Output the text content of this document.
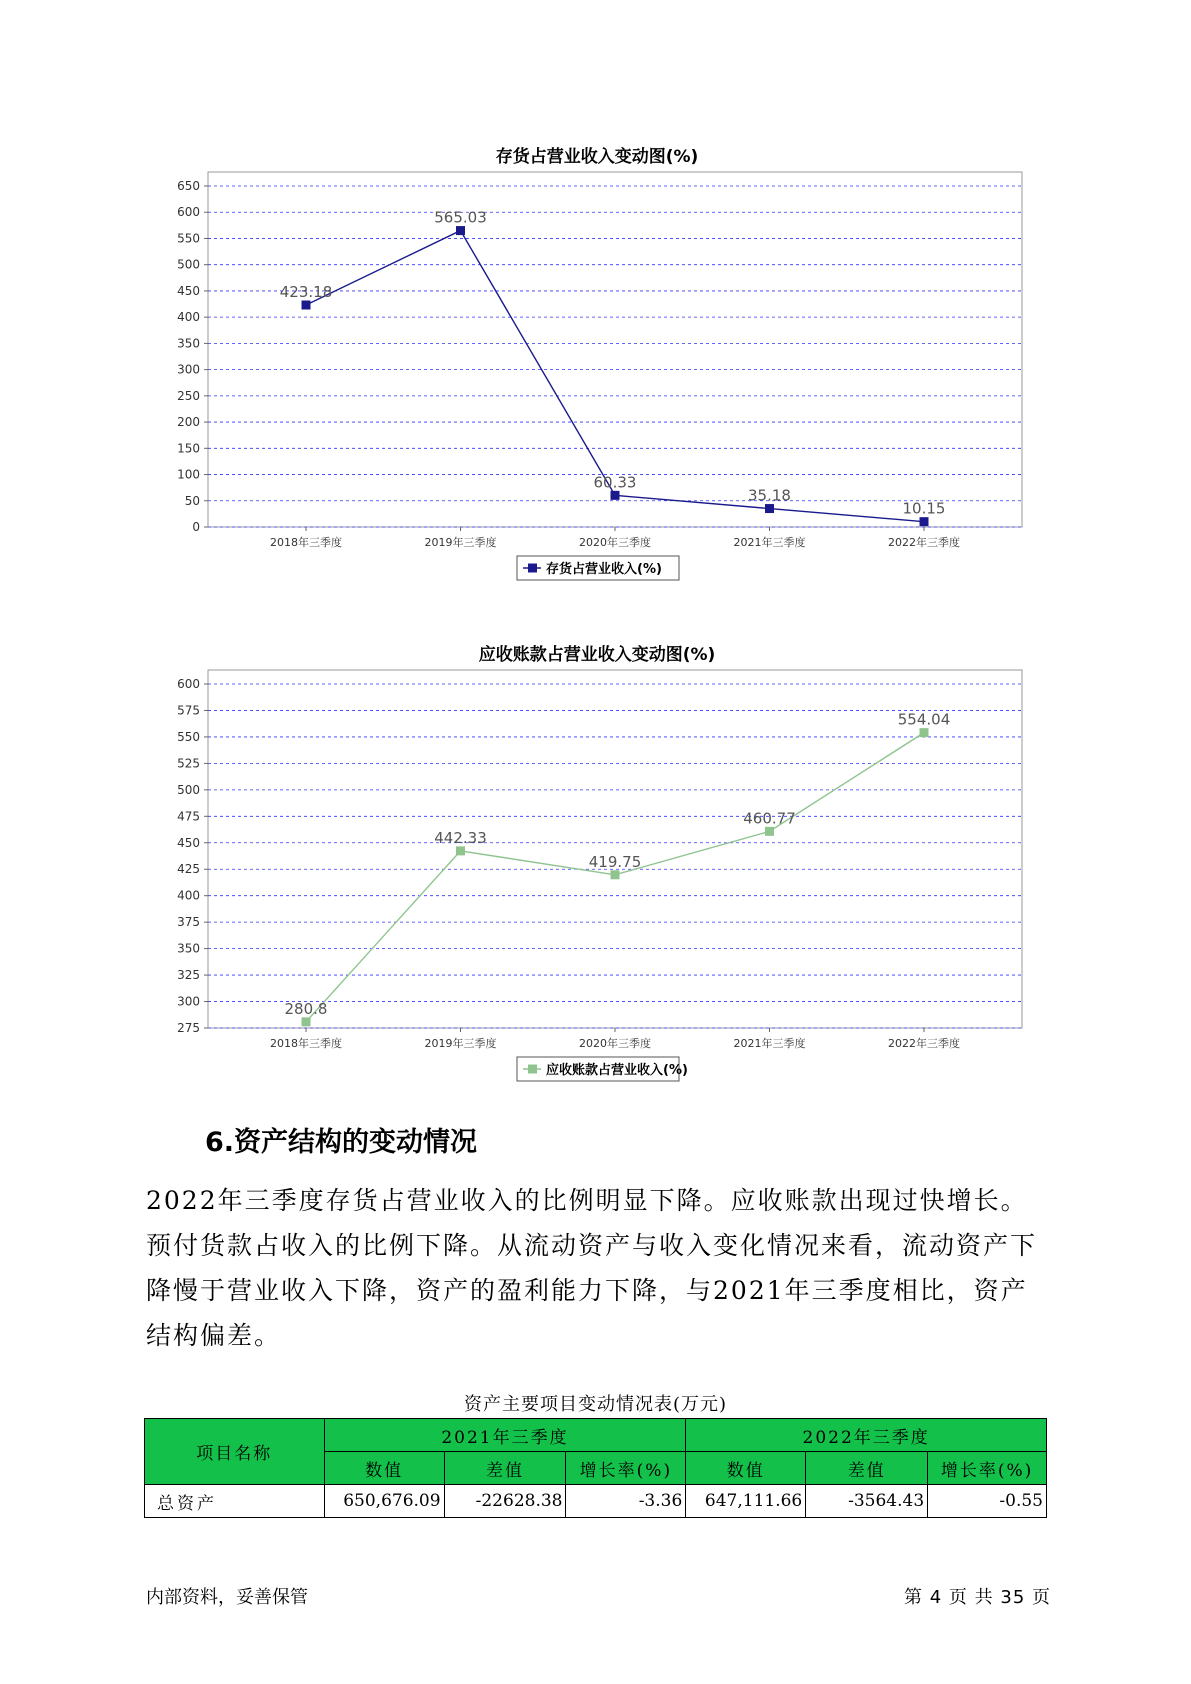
存货占营业收入变动图(%)
0
50
100
150
200
250
300
350
400
450
500
550
600
650
2018年三季度	2019年三季度	2020年三季度	2021年三季度	2022年三季度
423.18
565.03
60.33
35.18
10.15
存货占营业收入(%)
应收账款占营业收入变动图(%)
275
300
325
350
375
400
425
450
475
500
525
550
575
600
2018年三季度	2019年三季度	2020年三季度	2021年三季度	2022年三季度
280.8
442.33
419.75
460.77
554.04
应收账款占营业收入(%)
6.资产结构的变动情况

2022年三季度存货占营业收入的比例明显下降。应收账款出现过快增长。预付货款占收入的比例下降。从流动资产与收入变化情况来看，流动资产下降慢于营业收入下降，资产的盈利能力下降，与2021年三季度相比，资产结构偏差。

资产主要项目变动情况表(万元)
项目名称	2021年三季度			2022年三季度		
	数值	差值	增长率(%)	数值	差值	增长率(%)
总资产	650,676.09	-22628.38	-3.36	647,111.66	-3564.43	-0.55
内部资料，妥善保管	第 4 页 共 35 页
